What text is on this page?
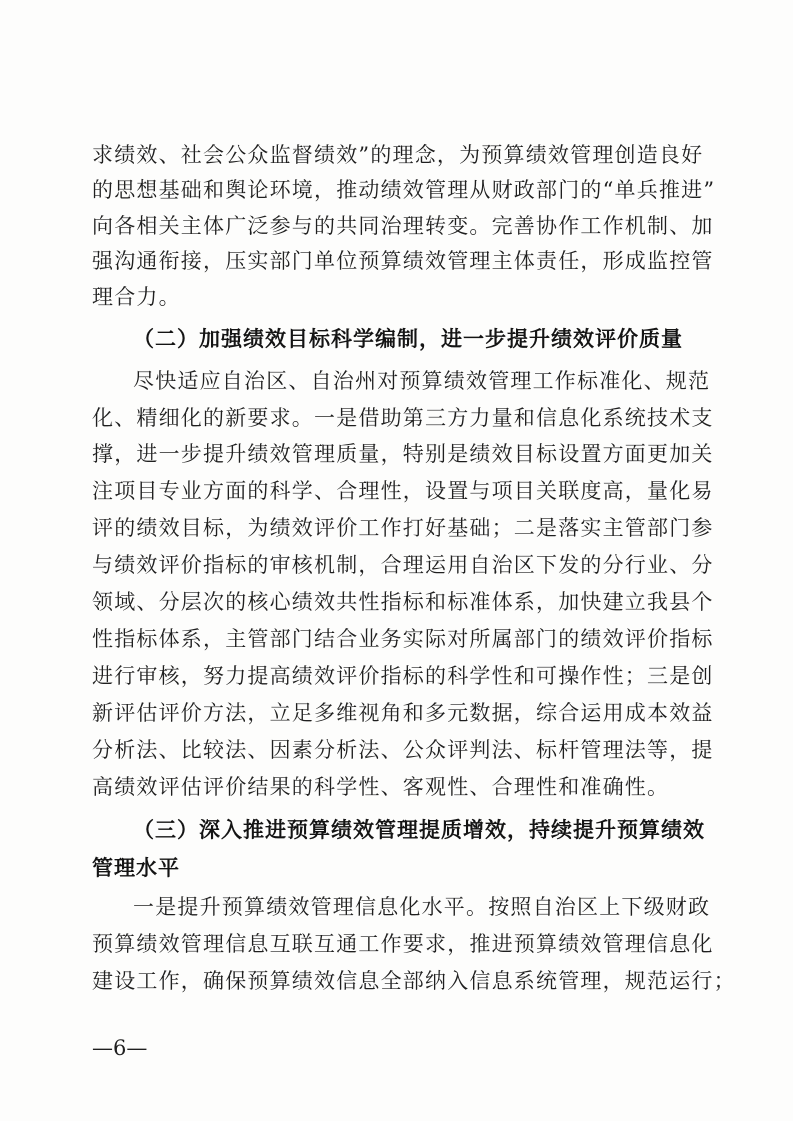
求绩效、社会公众监督绩效”的理念，为预算绩效管理创造良好
的思想基础和舆论环境，推动绩效管理从财政部门的“单兵推进”
向各相关主体广泛参与的共同治理转变。完善协作工作机制、加
强沟通衔接，压实部门单位预算绩效管理主体责任，形成监控管
理合力。
（二）加强绩效目标科学编制，进一步提升绩效评价质量
尽快适应自治区、自治州对预算绩效管理工作标准化、规范
化、精细化的新要求。一是借助第三方力量和信息化系统技术支
撑，进一步提升绩效管理质量，特别是绩效目标设置方面更加关
注项目专业方面的科学、合理性，设置与项目关联度高，量化易
评的绩效目标，为绩效评价工作打好基础；二是落实主管部门参
与绩效评价指标的审核机制，合理运用自治区下发的分行业、分
领域、分层次的核心绩效共性指标和标准体系，加快建立我县个
性指标体系，主管部门结合业务实际对所属部门的绩效评价指标
进行审核，努力提高绩效评价指标的科学性和可操作性；三是创
新评估评价方法，立足多维视角和多元数据，综合运用成本效益
分析法、比较法、因素分析法、公众评判法、标杆管理法等，提
高绩效评估评价结果的科学性、客观性、合理性和准确性。
（三）深入推进预算绩效管理提质增效，持续提升预算绩效
管理水平
一是提升预算绩效管理信息化水平。按照自治区上下级财政
预算绩效管理信息互联互通工作要求，推进预算绩效管理信息化
建设工作，确保预算绩效信息全部纳入信息系统管理，规范运行；
—6—
